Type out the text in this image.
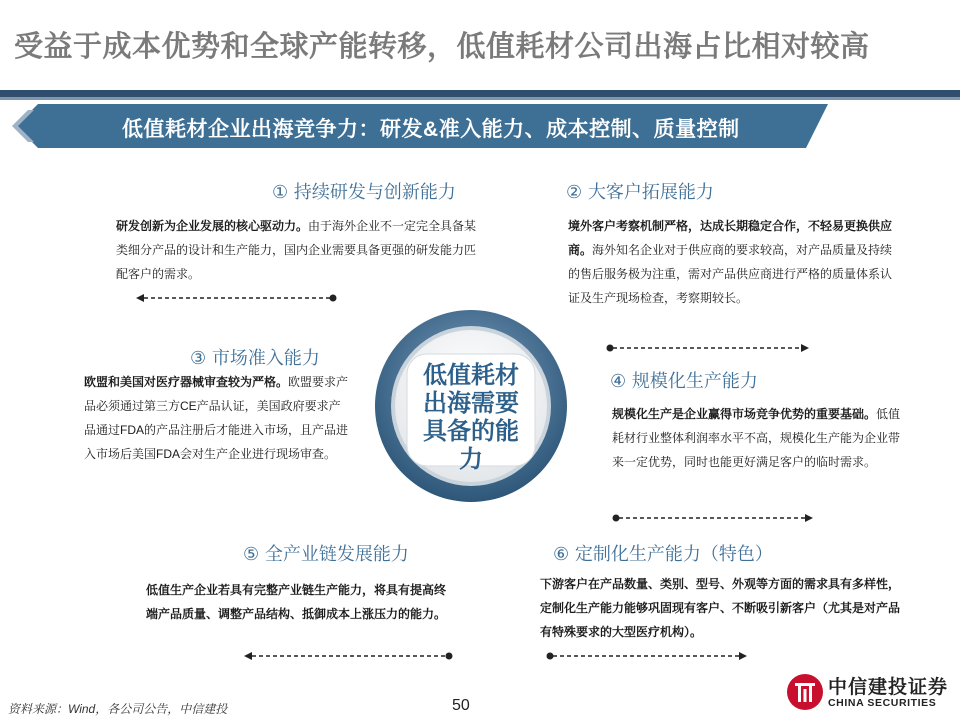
受益于成本优势和全球产能转移，低值耗材公司出海占比相对较高
低值耗材企业出海竞争力：研发&准入能力、成本控制、质量控制
① 持续研发与创新能力
研发创新为企业发展的核心驱动力。由于海外企业不一定完全具备某类细分产品的设计和生产能力，国内企业需要具备更强的研发能力匹配客户的需求。
② 大客户拓展能力
境外客户考察机制严格，达成长期稳定合作，不轻易更换供应商。海外知名企业对于供应商的要求较高，对产品质量及持续的售后服务极为注重，需对产品供应商进行严格的质量体系认证及生产现场检查，考察期较长。
③ 市场准入能力
欧盟和美国对医疗器械审查较为严格。欧盟要求产品必须通过第三方CE产品认证，美国政府要求产品通过FDA的产品注册后才能进入市场，且产品进入市场后美国FDA会对生产企业进行现场审查。
④ 规模化生产能力
规模化生产是企业赢得市场竞争优势的重要基础。低值耗材行业整体利润率水平不高，规模化生产能为企业带来一定优势，同时也能更好满足客户的临时需求。
⑤ 全产业链发展能力
低值生产企业若具有完整产业链生产能力，将具有提高终端产品质量、调整产品结构、抵御成本上涨压力的能力。
⑥ 定制化生产能力（特色）
下游客户在产品数量、类别、型号、外观等方面的需求具有多样性，定制化生产能力能够巩固现有客户、不断吸引新客户（尤其是对产品有特殊要求的大型医疗机构）。
低值耗材
出海需要
具备的能
力
资料来源：Wind，各公司公告，中信建投	50
中信建投证券
CHINA SECURITIES
